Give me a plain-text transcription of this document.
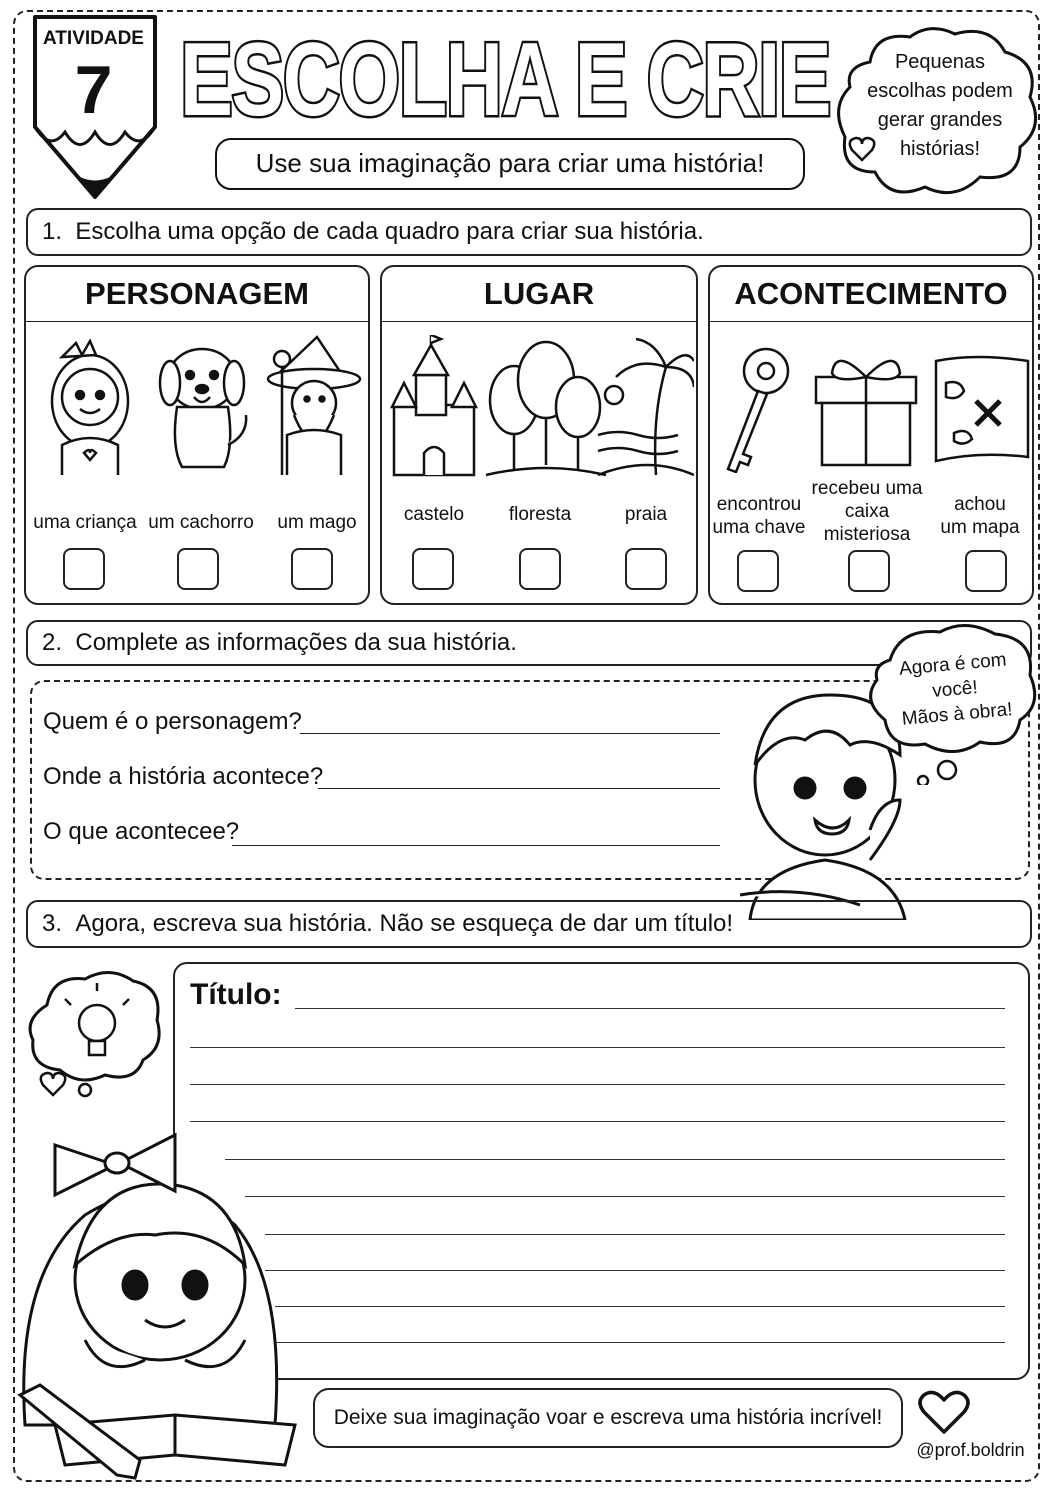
ATIVIDADE
7 ESCOLHA E CRIE
Use sua imaginação para criar uma história!
Pequenas
escolhas podem
gerar grandes
histórias!
1. Escolha uma opção de cada quadro para criar sua história.
PERSONAGEM
uma criança um cachorro	um mago
LUGAR
castelo	floresta	praia
ACONTECIMENTO
encontrou
uma chave
recebeu uma
caixa
misteriosa
achou
um mapa
2. Complete as informações da sua história.
Quem é o personagem?
Onde a história acontece?
O que acontecee?
Agora é com
você!
Mãos à obra!
3. Agora, escreva sua história. Não se esqueça de dar um título!
Título:
Deixe sua imaginação voar e escreva uma história incrível!
@prof.boldrin
